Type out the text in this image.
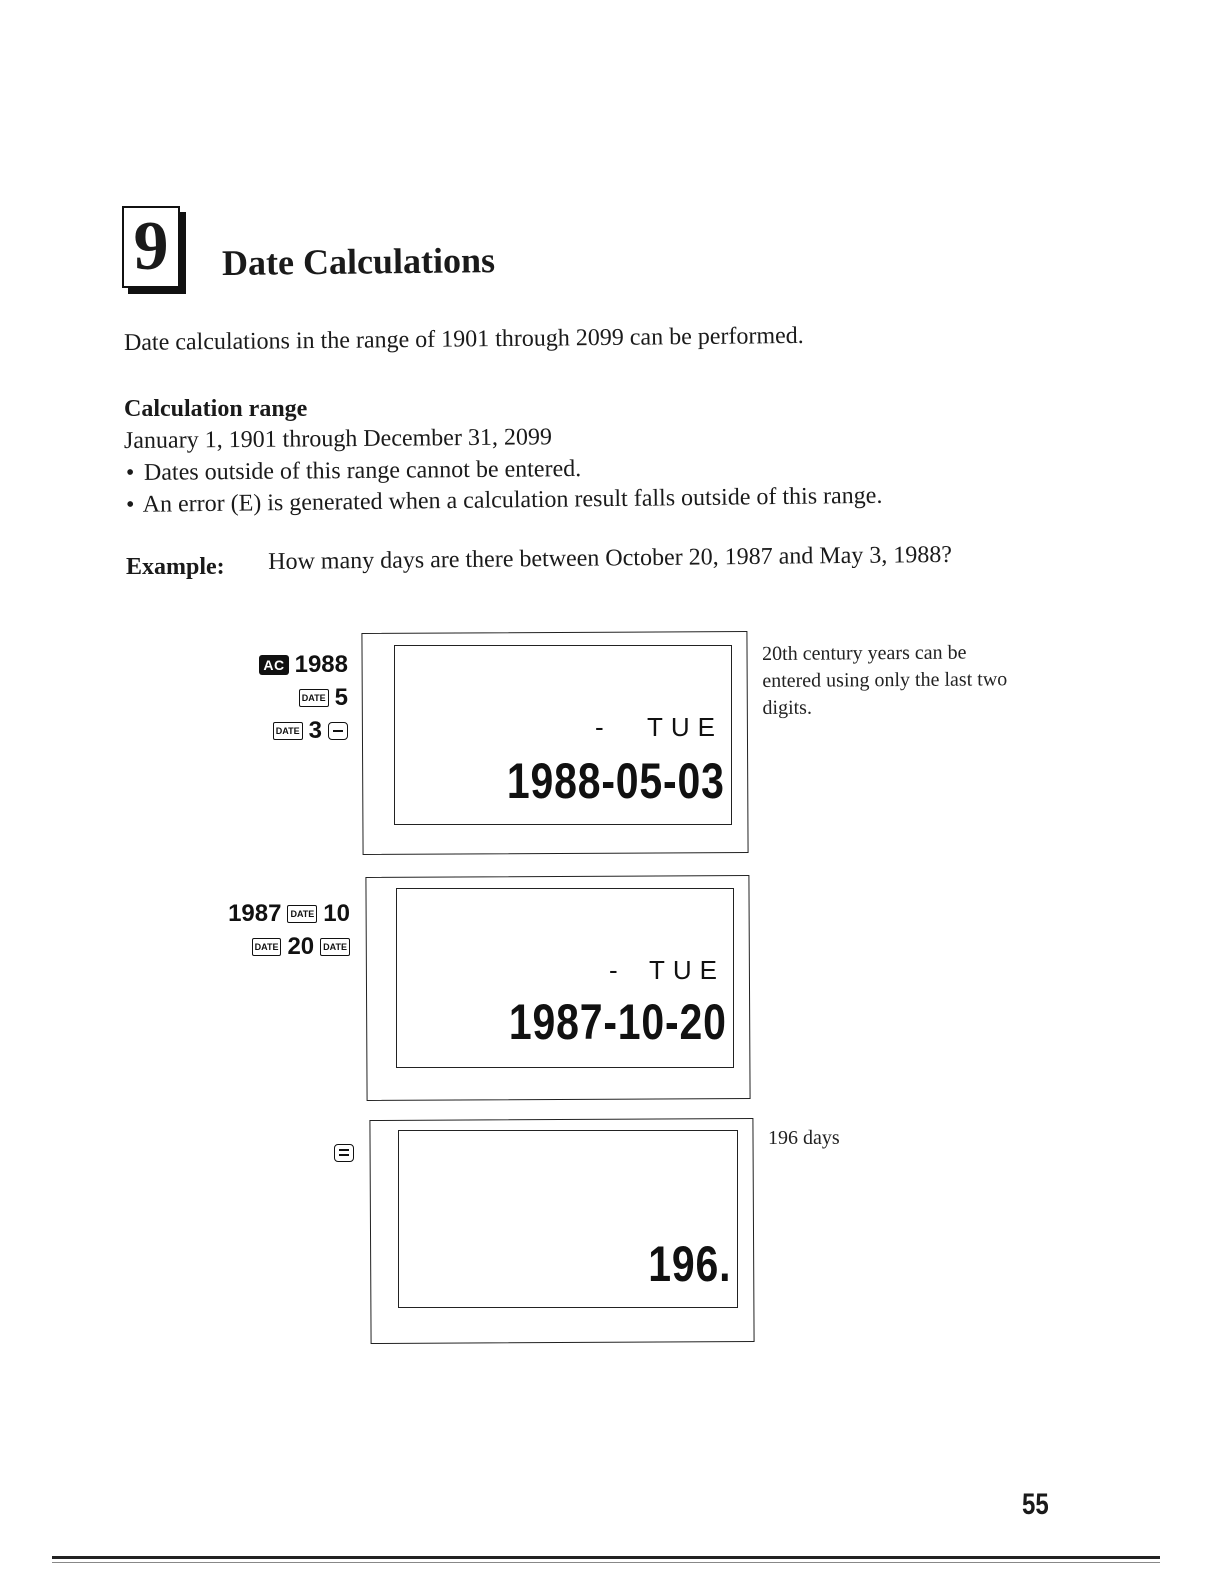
9 Date Calculations
Date calculations in the range of 1901 through 2099 can be performed.
Calculation range
January 1, 1901 through December 31, 2099
• Dates outside of this range cannot be entered.
• An error (E) is generated when a calculation result falls outside of this range.
Example: How many days are there between October 20, 1987 and May 3, 1988?
AC 1988
DATE 5
DATE 3	- TUE
1988-05-03
20th century years can be entered using only the last two digits.
1987	DATE 10
DATE 20	DATE
- TUE
1987-10-20
196.
196 days
55
